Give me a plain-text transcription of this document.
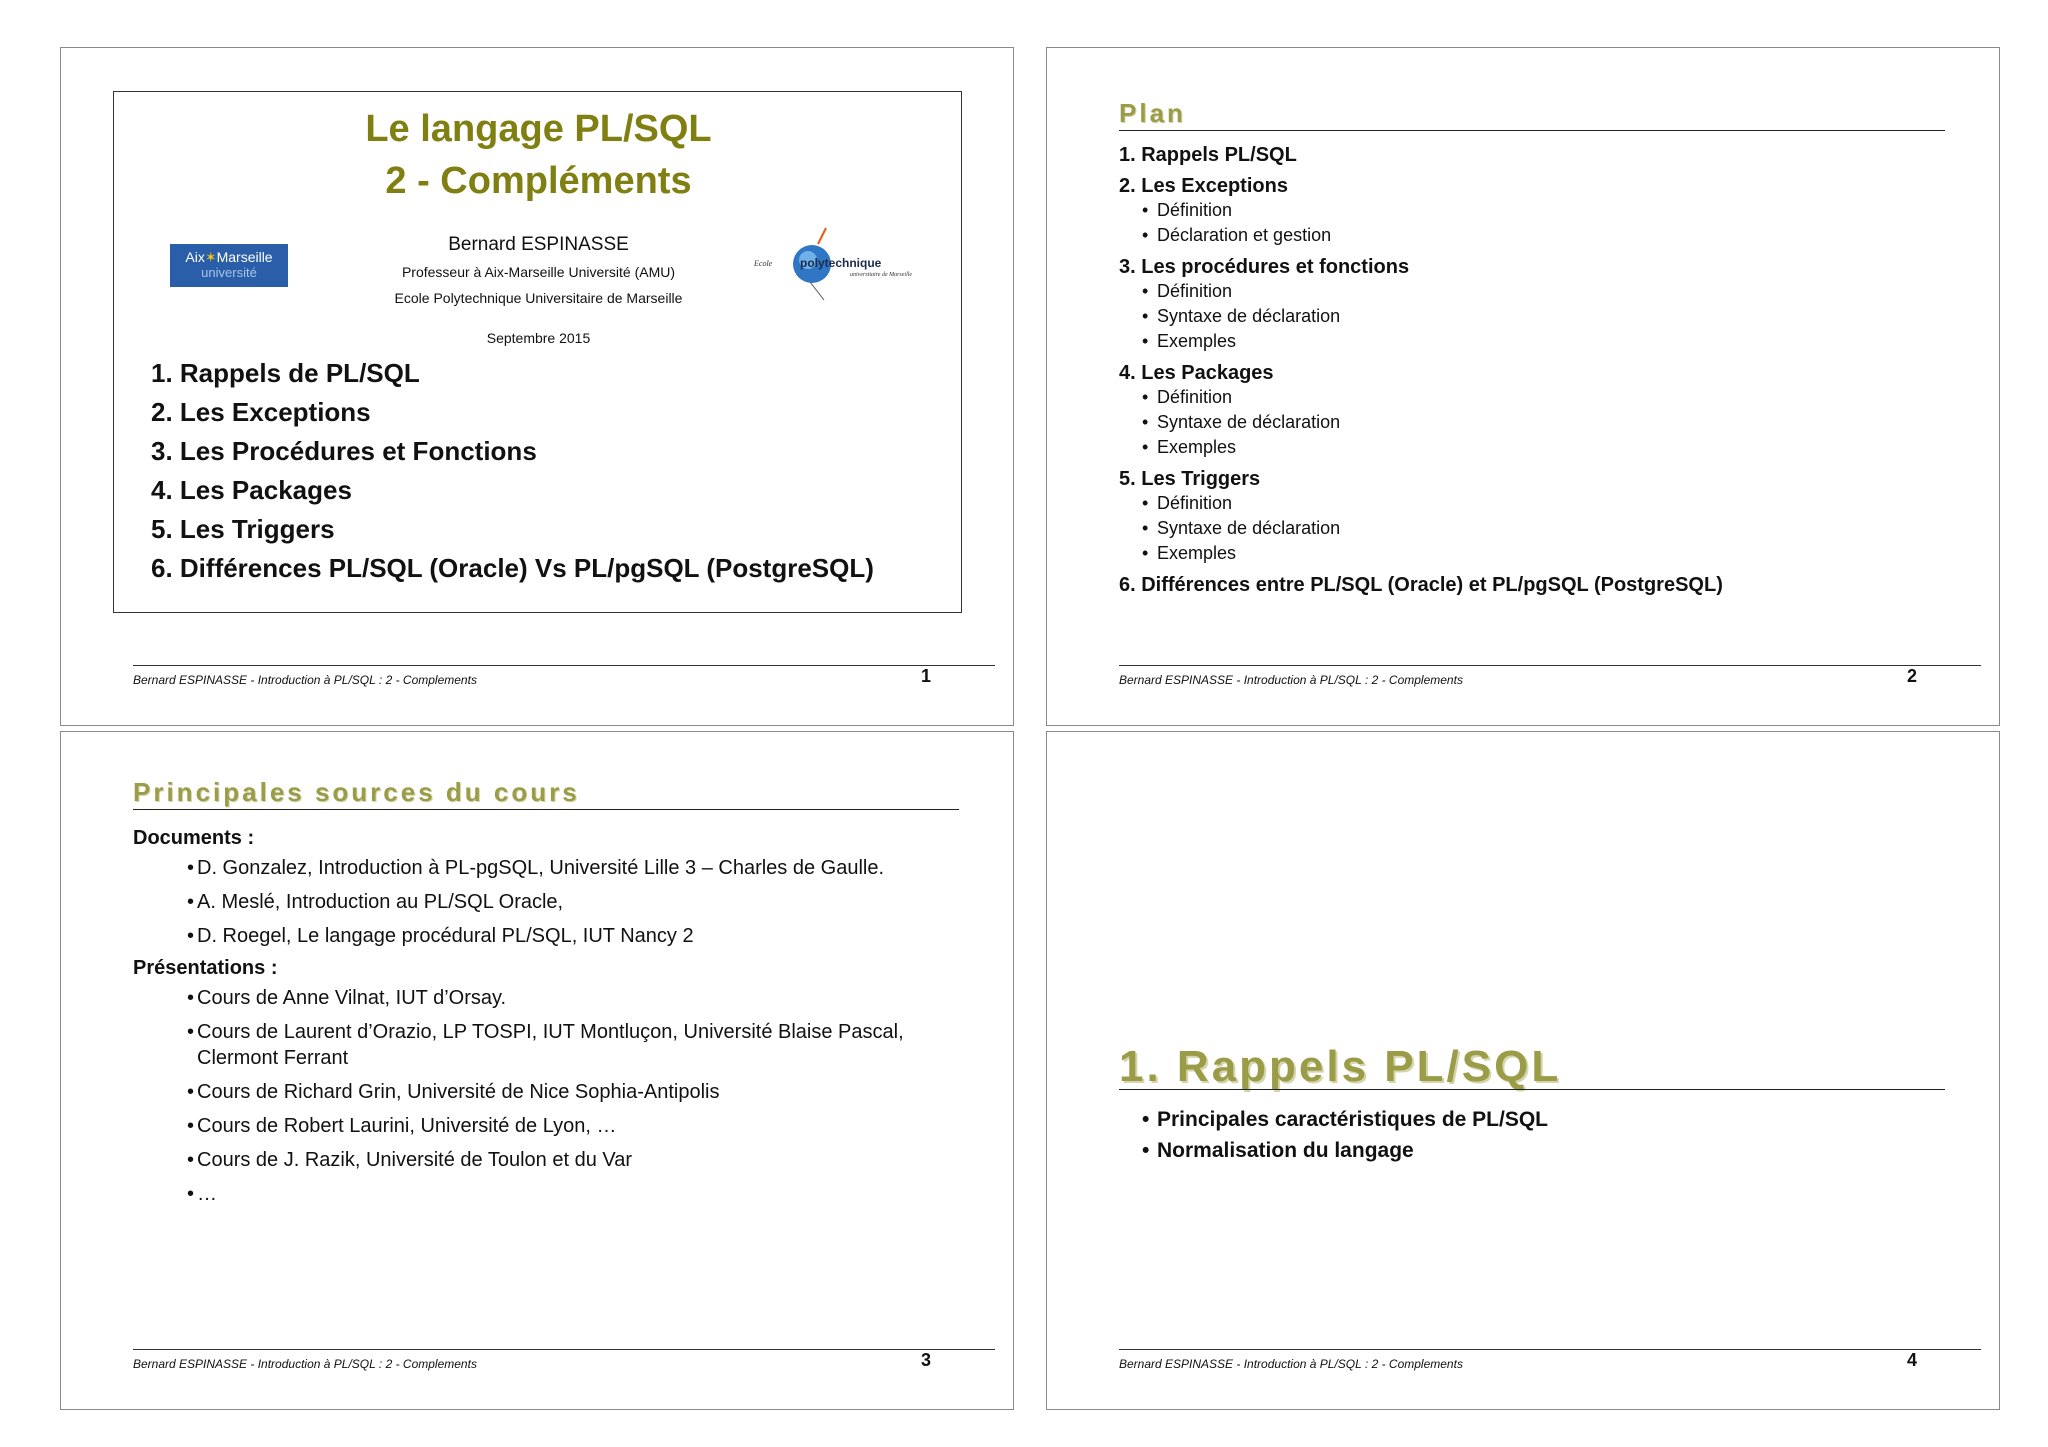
Le langage PL/SQL
2 - Compléments
Bernard ESPINASSE
Professeur à Aix-Marseille Université (AMU)
Ecole Polytechnique Universitaire de Marseille
Septembre 2015
Aix✶Marseille
université
Ecole polytechnique
universitaire de Marseille
1. Rappels de PL/SQL
2. Les Exceptions
3. Les Procédures et Fonctions
4. Les Packages
5. Les Triggers
6. Différences PL/SQL (Oracle) Vs PL/pgSQL (PostgreSQL)
Bernard ESPINASSE - Introduction à PL/SQL : 2 - Complements	1
Plan
1. Rappels PL/SQL
2. Les Exceptions
• Définition
• Déclaration et gestion
3. Les procédures et fonctions
• Définition
• Syntaxe de déclaration
• Exemples
4. Les Packages
• Définition
• Syntaxe de déclaration
• Exemples
5. Les Triggers
• Définition
• Syntaxe de déclaration
• Exemples
6. Différences entre PL/SQL (Oracle) et PL/pgSQL (PostgreSQL)
Bernard ESPINASSE - Introduction à PL/SQL : 2 - Complements	2
Principales sources du cours
Documents :
• D. Gonzalez, Introduction à PL-pgSQL, Université Lille 3 – Charles de Gaulle.
• A. Meslé, Introduction au PL/SQL Oracle,
• D. Roegel, Le langage procédural PL/SQL, IUT Nancy 2
Présentations :
• Cours de Anne Vilnat, IUT d’Orsay.
• Cours de Laurent d’Orazio, LP TOSPI, IUT Montluçon, Université Blaise Pascal, Clermont Ferrant
• Cours de Richard Grin, Université de Nice Sophia-Antipolis
• Cours de Robert Laurini, Université de Lyon, …
• Cours de J. Razik, Université de Toulon et du Var
• …
Bernard ESPINASSE - Introduction à PL/SQL : 2 - Complements	3
1. Rappels PL/SQL
• Principales caractéristiques de PL/SQL
• Normalisation du langage
Bernard ESPINASSE - Introduction à PL/SQL : 2 - Complements	4
